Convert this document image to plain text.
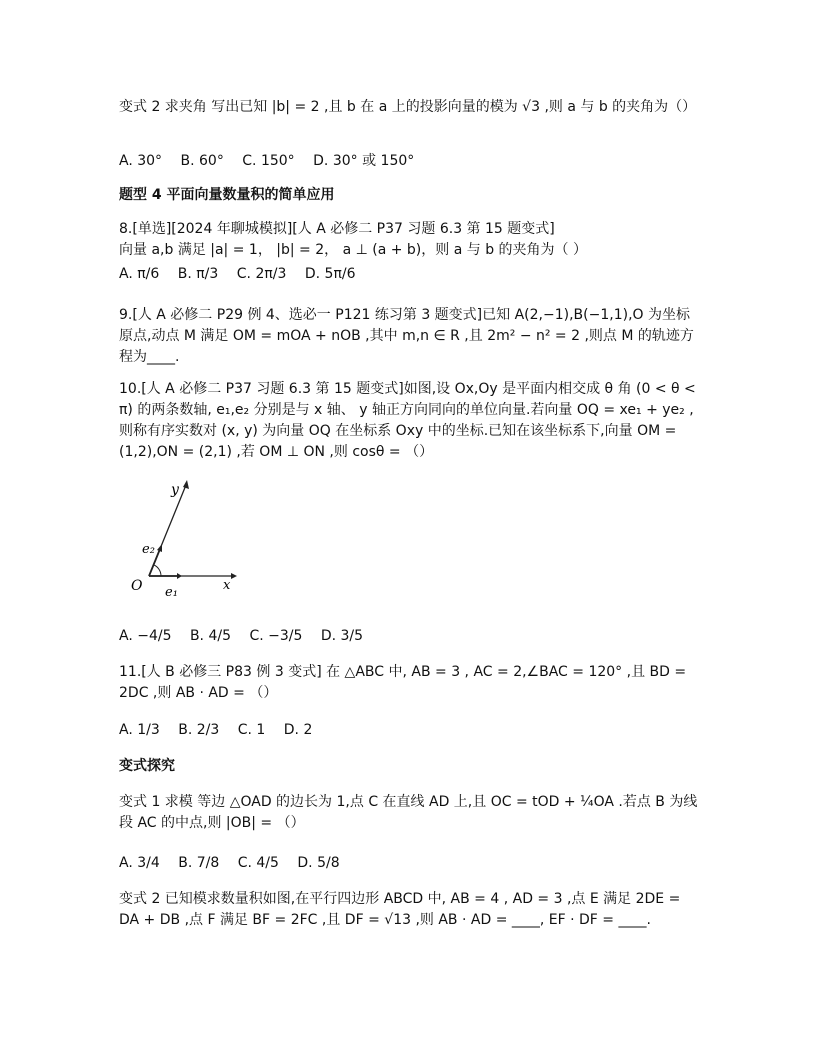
变式 2 求夹角 写出已知 |b| = 2 ,且 b 在 a 上的投影向量的模为 √3 ,则 a 与 b 的夹角为（）
A. 30° B. 60° C. 150° D. 30° 或 150°
题型 4 平面向量数量积的简单应用
8.[单选][2024 年聊城模拟][人 A 必修二 P37 习题 6.3 第 15 题变式]
向量 a,b 满足 |a| = 1， |b| = 2， a ⊥ (a + b)，则 a 与 b 的夹角为（ ）
A. π/6 B. π/3 C. 2π/3 D. 5π/6
9.[人 A 必修二 P29 例 4、选必一 P121 练习第 3 题变式]已知 A(2,−1),B(−1,1),O 为坐标原点,动点 M 满足 OM = mOA + nOB ,其中 m,n ∈ R ,且 2m² − n² = 2 ,则点 M 的轨迹方程为____.
10.[人 A 必修二 P37 习题 6.3 第 15 题变式]如图,设 Ox,Oy 是平面内相交成 θ 角 (0 < θ < π) 的两条数轴, e₁,e₂ 分别是与 x 轴、 y 轴正方向同向的单位向量.若向量 OQ = xe₁ + ye₂ ,则称有序实数对 (x, y) 为向量 OQ 在坐标系 Oxy 中的坐标.已知在该坐标系下,向量 OM = (1,2),ON = (2,1) ,若 OM ⊥ ON ,则 cosθ = （）
y
e₂
O e₁	x
A. −4/5 B. 4/5 C. −3/5 D. 3/5
11.[人 B 必修三 P83 例 3 变式] 在 △ABC 中, AB = 3 , AC = 2,∠BAC = 120° ,且 BD = 2DC ,则 AB · AD = （）
A. 1/3 B. 2/3 C. 1 D. 2
变式探究
变式 1 求模 等边 △OAD 的边长为 1,点 C 在直线 AD 上,且 OC = tOD + ¼OA .若点 B 为线段 AC 的中点,则 |OB| = （）
A. 3/4 B. 7/8 C. 4/5 D. 5/8
变式 2 已知模求数量积如图,在平行四边形 ABCD 中, AB = 4 , AD = 3 ,点 E 满足 2DE = DA + DB ,点 F 满足 BF = 2FC ,且 DF = √13 ,则 AB · AD = ____, EF · DF = ____.
